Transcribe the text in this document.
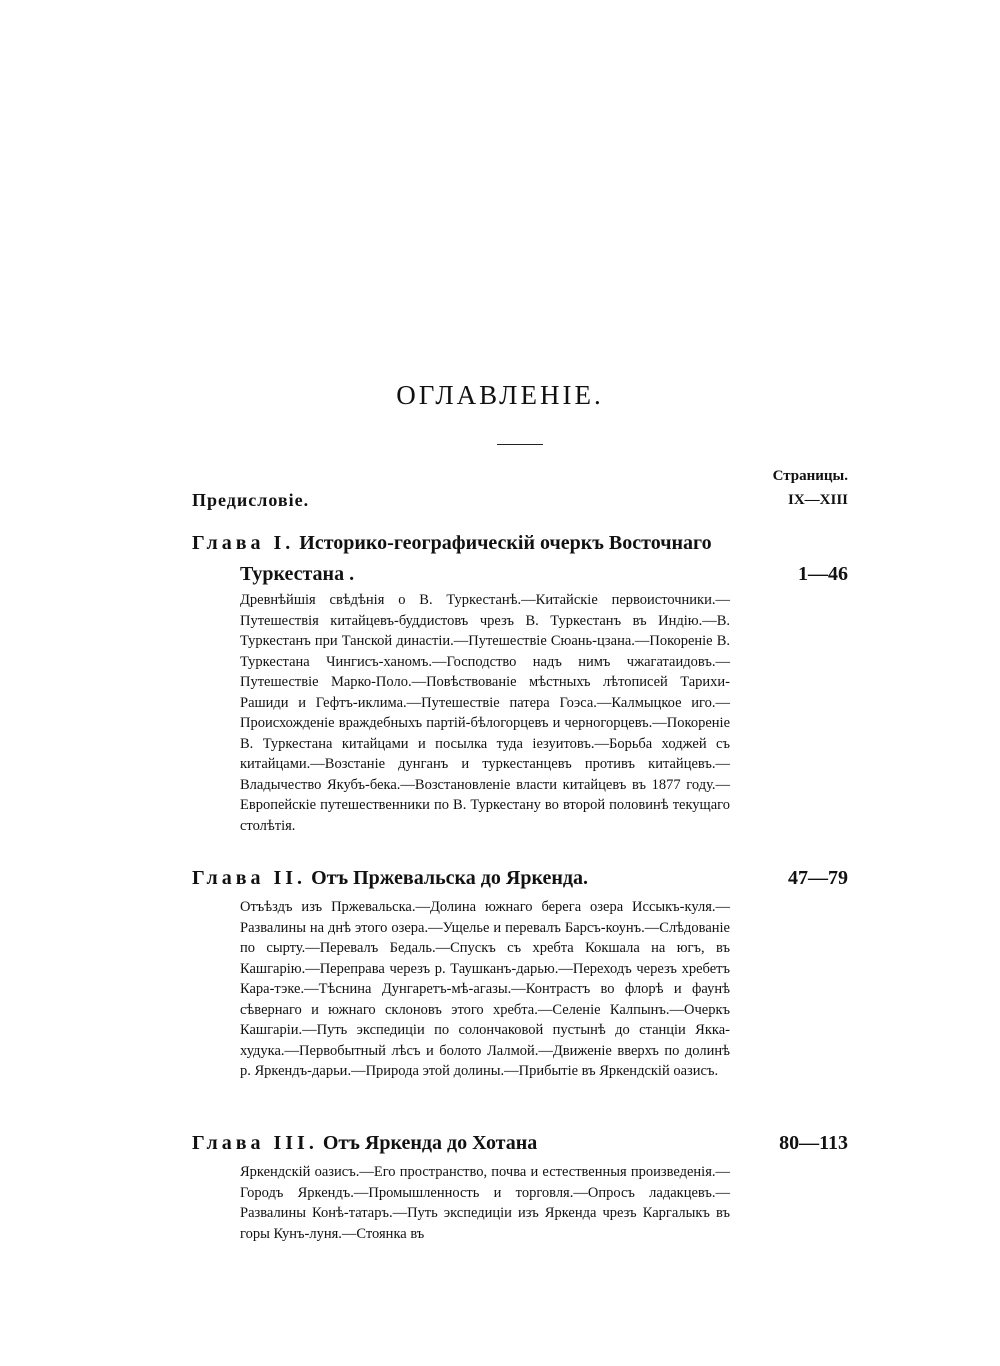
ОГЛАВЛЕНIЕ.
Страницы.
Предисловiе.	IX—XIII
Глава I. Историко-географическiй очеркъ Восточнаго
Туркестана .	1—46

Древнѣйшiя свѣдѣнiя о В. Туркестанѣ.—Китайскiе первоисточники.—Путешествiя китайцевъ-буддистовъ чрезъ В. Туркестанъ въ Индiю.—В. Туркестанъ при Танской династiи.—Путешествiе Сюань-цзана.—Покоренiе В. Туркестана Чингисъ-ханомъ.—Господство надъ нимъ чжагатаидовъ.—Путешествiе Марко-Поло.—Повѣствованiе мѣстныхъ лѣтописей Тарихи-Рашиди и Гефтъ-иклима.—Путешествiе патера Гоэса.—Калмыцкое иго.—Происхожденiе враждебныхъ партiй-бѣлогорцевъ и черногорцевъ.—Покоренiе В. Туркестана китайцами и посылка туда iезуитовъ.—Борьба ходжей съ китайцами.—Возстанiе дунганъ и туркестанцевъ противъ китайцевъ.—Владычество Якубъ-бека.—Возстановленiе власти китайцевъ въ 1877 году.—Европейскiе путешественники по В. Туркестану во второй половинѣ текущаго столѣтiя.

Глава II. Отъ Пржевальска до Яркенда.	47—79

Отъѣздъ изъ Пржевальска.—Долина южнаго берега озера Иссыкъ-куля.—Развалины на днѣ этого озера.—Ущелье и перевалъ Барсъ-коунъ.—Слѣдованiе по сырту.—Перевалъ Бедаль.—Спускъ съ хребта Кокшала на югъ, въ Кашгарiю.—Переправа черезъ р. Таушканъ-дарью.—Переходъ черезъ хребетъ Кара-тэке.—Тѣснина Дунгаретъ-мѣ-агазы.—Контрастъ во флорѣ и фаунѣ сѣвернаго и южнаго склоновъ этого хребта.—Селенiе Калпынъ.—Очеркъ Кашгарiи.—Путь экспедицiи по солончаковой пустынѣ до станцiи Якка-худука.—Первобытный лѣсъ и болото Лалмой.—Движенiе вверхъ по долинѣ р. Яркендъ-дарьи.—Природа этой долины.—Прибытiе въ Яркендскiй оазисъ.

Глава III. Отъ Яркенда до Хотана	80—113

Яркендскiй оазисъ.—Его пространство, почва и естественныя произведенiя.—Городъ Яркендъ.—Промышленность и торговля.—Опросъ ладакцевъ.—Развалины Конѣ-татаръ.—Путь экспедицiи изъ Яркенда чрезъ Каргалыкъ въ горы Кунъ-луня.—Стоянка въ
